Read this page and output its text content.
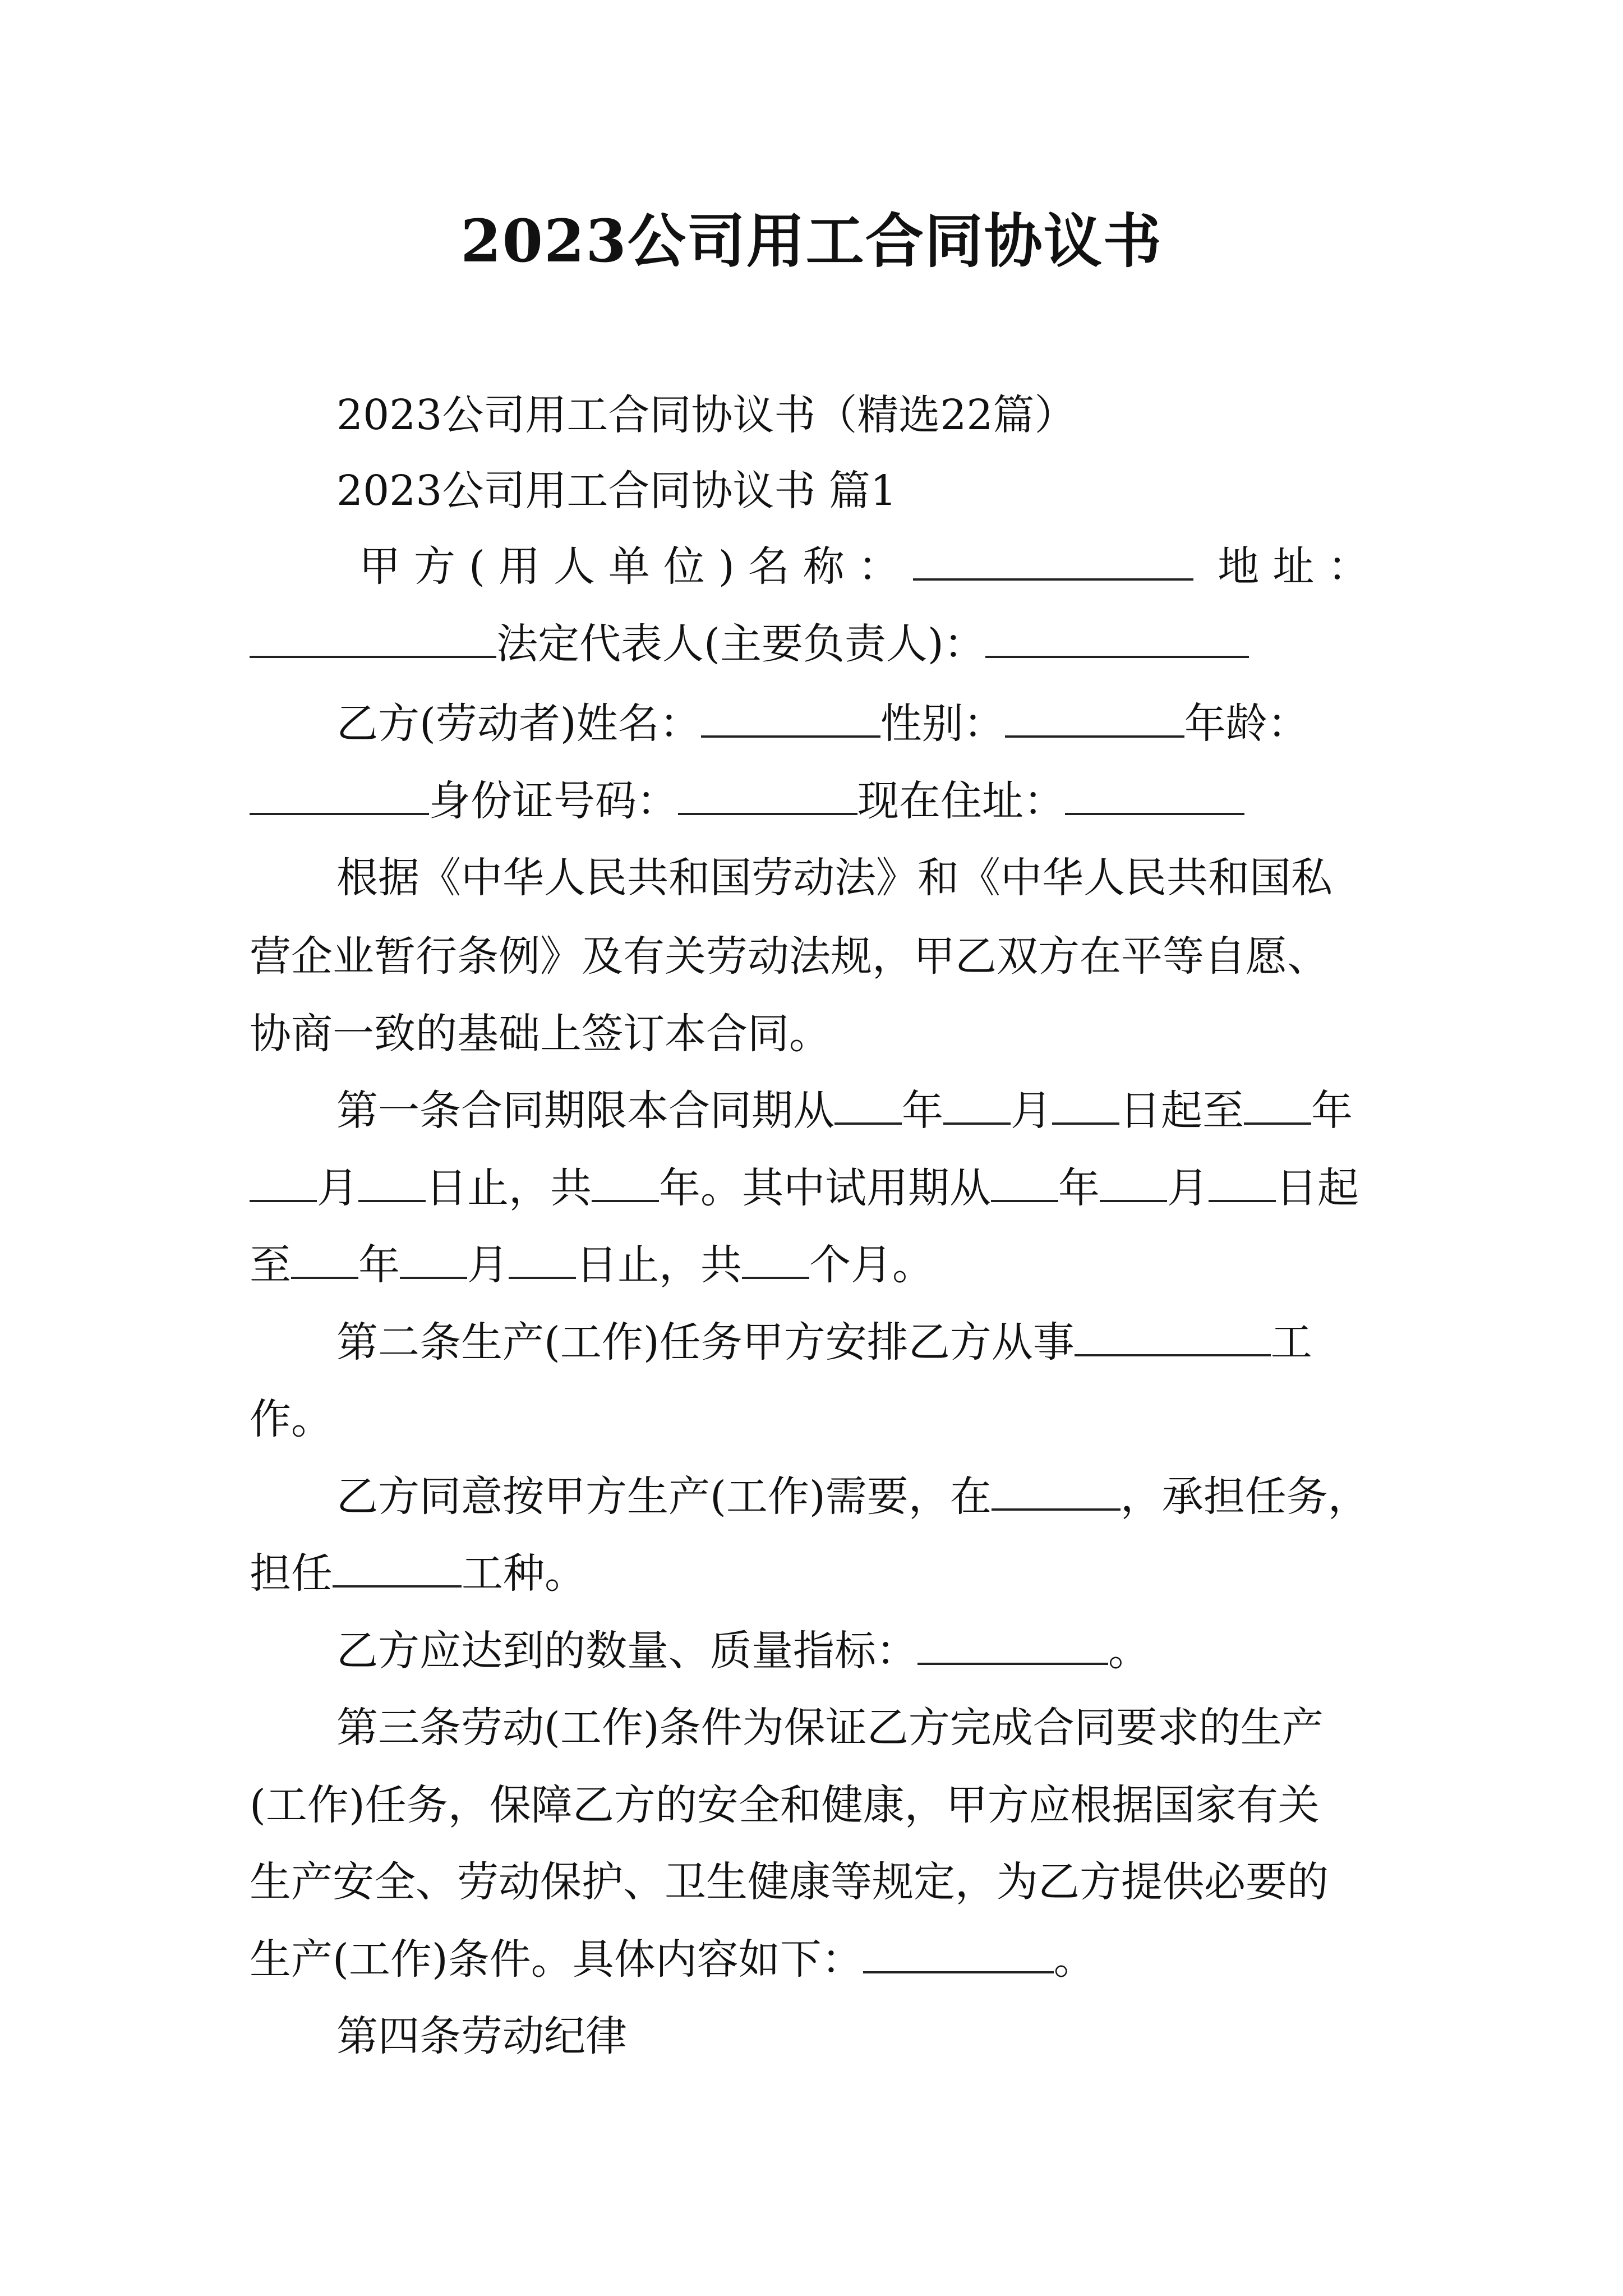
2023公司用工合同协议书
2023公司用工合同协议书（精选22篇）
2023公司用工合同协议书 篇1
甲方(用人单位)名称：	地址：
法定代表人(主要负责人)：
乙方(劳动者)姓名：	性别：	年龄：
身份证号码：	现在住址：
根据《中华人民共和国劳动法》和《中华人民共和国私
营企业暂行条例》及有关劳动法规，甲乙双方在平等自愿、
协商一致的基础上签订本合同。
第一条合同期限本合同期从 年 月 日起至 年
月 日止，共 年。其中试用期从 年 月 日起
至 年 月 日止，共 个月。
第二条生产(工作)任务甲方安排乙方从事	工
作。
乙方同意按甲方生产(工作)需要，在	，承担任务，
担任	工种。
乙方应达到的数量、质量指标：	。
第三条劳动(工作)条件为保证乙方完成合同要求的生产
(工作)任务，保障乙方的安全和健康，甲方应根据国家有关
生产安全、劳动保护、卫生健康等规定，为乙方提供必要的
生产(工作)条件。具体内容如下：	。
第四条劳动纪律
